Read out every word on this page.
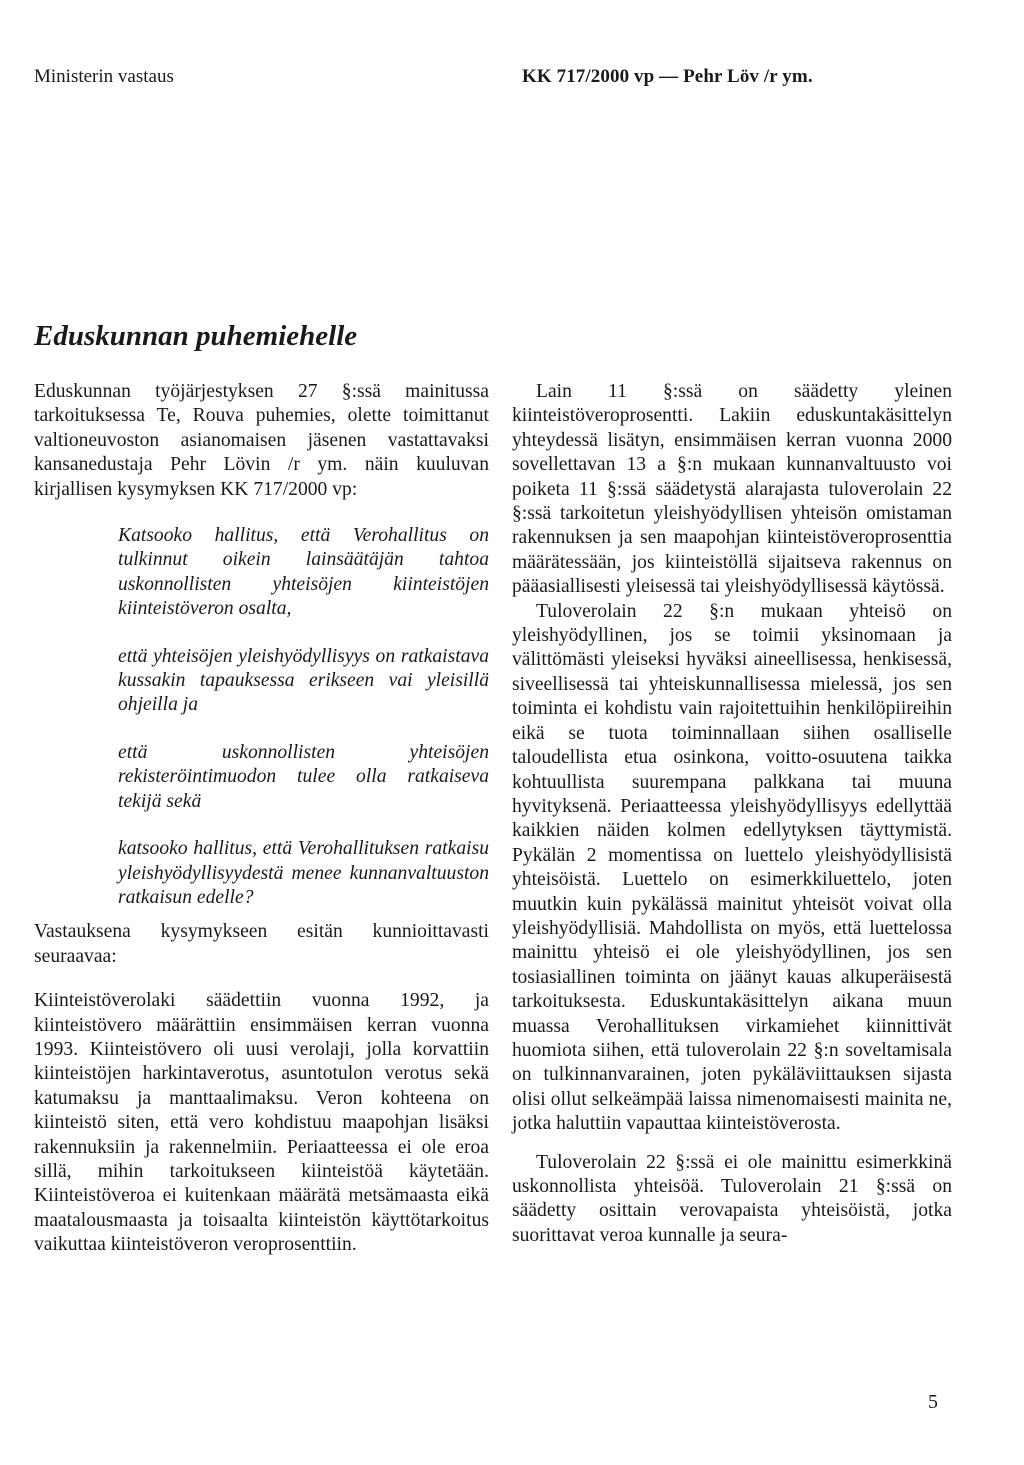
Ministerin vastaus	KK 717/2000 vp — Pehr Löv /r ym.
Eduskunnan puhemiehelle

Eduskunnan työjärjestyksen 27 §:ssä mainitussa tarkoituksessa Te, Rouva puhemies, olette toimittanut valtioneuvoston asianomaisen jäsenen vastattavaksi kansanedustaja Pehr Lövin /r ym. näin kuuluvan kirjallisen kysymyksen KK 717/2000 vp:

Katsooko hallitus, että Verohallitus on tulkinnut oikein lainsäätäjän tahtoa uskonnollisten yhteisöjen kiinteistöjen kiinteistöveron osalta,

että yhteisöjen yleishyödyllisyys on ratkaistava kussakin tapauksessa erikseen vai yleisillä ohjeilla ja

että uskonnollisten yhteisöjen rekisteröintimuodon tulee olla ratkaiseva tekijä sekä

katsooko hallitus, että Verohallituksen ratkaisu yleishyödyllisyydestä menee kunnanvaltuuston ratkaisun edelle?

Vastauksena kysymykseen esitän kunnioittavasti seuraavaa:

Kiinteistöverolaki säädettiin vuonna 1992, ja kiinteistövero määrättiin ensimmäisen kerran vuonna 1993. Kiinteistövero oli uusi verolaji, jolla korvattiin kiinteistöjen harkintaverotus, asuntotulon verotus sekä katumaksu ja manttaalimaksu. Veron kohteena on kiinteistö siten, että vero kohdistuu maapohjan lisäksi rakennuksiin ja rakennelmiin. Periaatteessa ei ole eroa sillä, mihin tarkoitukseen kiinteistöä käytetään. Kiinteistöveroa ei kuitenkaan määrätä metsämaasta eikä maatalousmaasta ja toisaalta kiinteistön käyttötarkoitus vaikuttaa kiinteistöveron veroprosenttiin.

Lain 11 §:ssä on säädetty yleinen kiinteistöveroprosentti. Lakiin eduskuntakäsittelyn yhteydessä lisätyn, ensimmäisen kerran vuonna 2000 sovellettavan 13 a §:n mukaan kunnanvaltuusto voi poiketa 11 §:ssä säädetystä alarajasta tuloverolain 22 §:ssä tarkoitetun yleishyödyllisen yhteisön omistaman rakennuksen ja sen maapohjan kiinteistöveroprosenttia määrätessään, jos kiinteistöllä sijaitseva rakennus on pääasiallisesti yleisessä tai yleishyödyllisessä käytössä.

Tuloverolain 22 §:n mukaan yhteisö on yleishyödyllinen, jos se toimii yksinomaan ja välittömästi yleiseksi hyväksi aineellisessa, henkisessä, siveellisessä tai yhteiskunnallisessa mielessä, jos sen toiminta ei kohdistu vain rajoitettuihin henkilöpiireihin eikä se tuota toiminnallaan siihen osalliselle taloudellista etua osinkona, voitto-osuutena taikka kohtuullista suurempana palkkana tai muuna hyvityksenä. Periaatteessa yleishyödyllisyys edellyttää kaikkien näiden kolmen edellytyksen täyttymistä. Pykälän 2 momentissa on luettelo yleishyödyllisistä yhteisöistä. Luettelo on esimerkkiluettelo, joten muutkin kuin pykälässä mainitut yhteisöt voivat olla yleishyödyllisiä. Mahdollista on myös, että luettelossa mainittu yhteisö ei ole yleishyödyllinen, jos sen tosiasiallinen toiminta on jäänyt kauas alkuperäisestä tarkoituksesta. Eduskuntakäsittelyn aikana muun muassa Verohallituksen virkamiehet kiinnittivät huomiota siihen, että tuloverolain 22 §:n soveltamisala on tulkinnanvarainen, joten pykäläviittauksen sijasta olisi ollut selkeämpää laissa nimenomaisesti mainita ne, jotka haluttiin vapauttaa kiinteistöverosta.

Tuloverolain 22 §:ssä ei ole mainittu esimerkkinä uskonnollista yhteisöä. Tuloverolain 21 §:ssä on säädetty osittain verovapaista yhteisöistä, jotka suorittavat veroa kunnalle ja seura-

5
